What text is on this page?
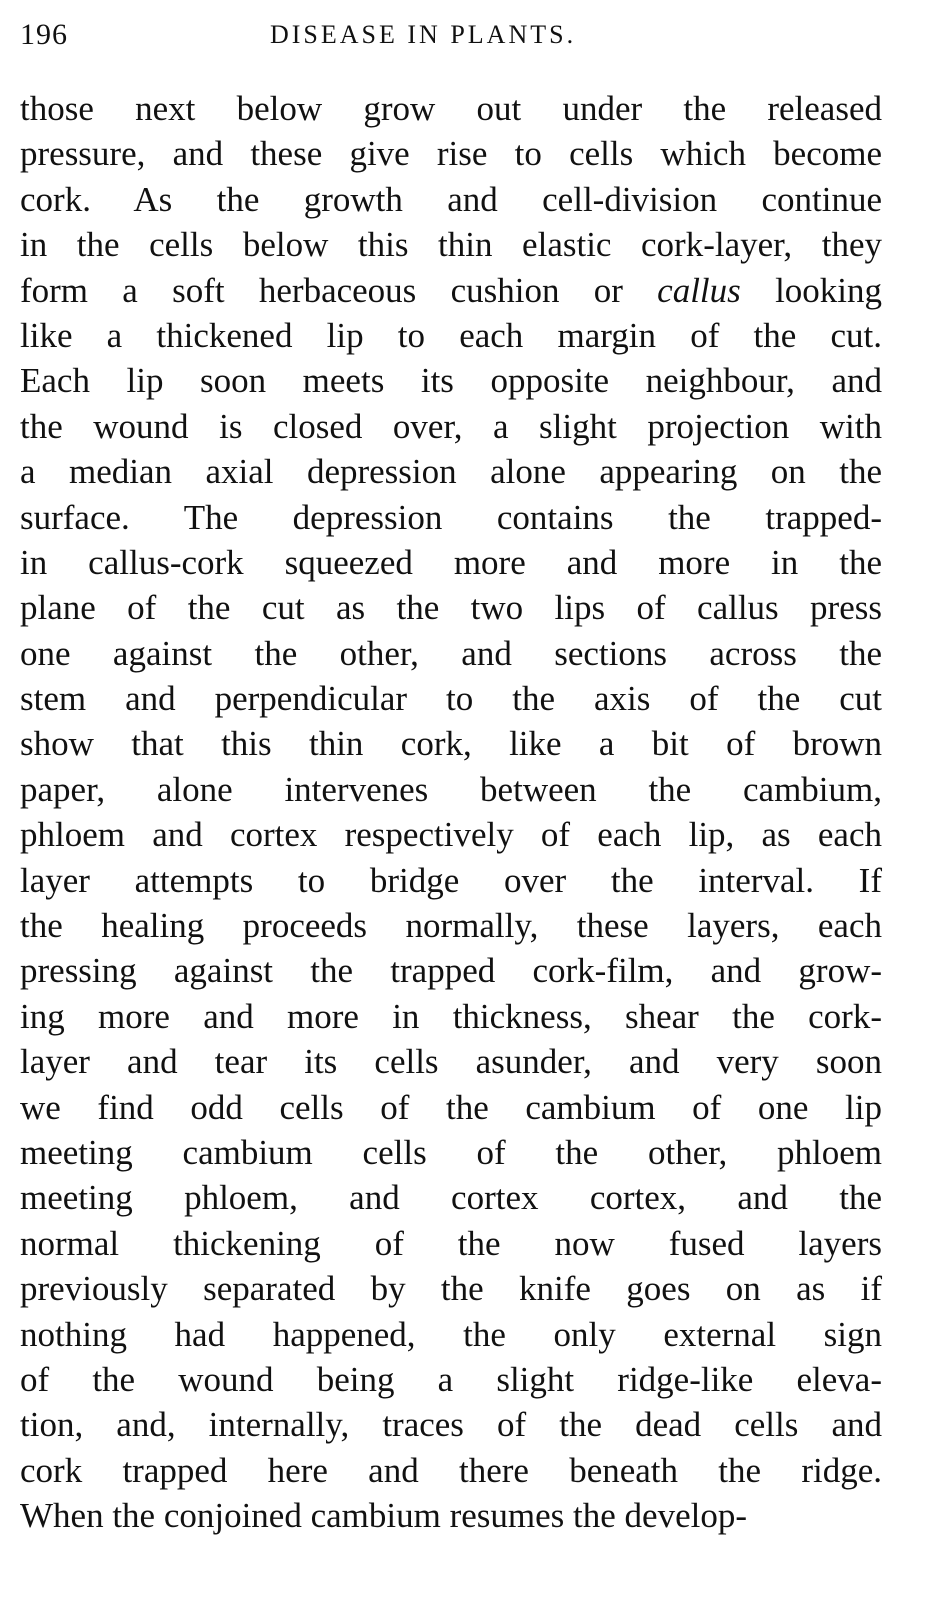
196	DISEASE IN PLANTS.
those next below grow out under the released
pressure, and these give rise to cells which become
cork. As the growth and cell-division continue
in the cells below this thin elastic cork-layer, they
form a soft herbaceous cushion or callus looking
like a thickened lip to each margin of the cut.
Each lip soon meets its opposite neighbour, and
the wound is closed over, a slight projection with
a median axial depression alone appearing on the
surface. The depression contains the trapped-
in callus-cork squeezed more and more in the
plane of the cut as the two lips of callus press
one against the other, and sections across the
stem and perpendicular to the axis of the cut
show that this thin cork, like a bit of brown
paper, alone intervenes between the cambium,
phloem and cortex respectively of each lip, as each
layer attempts to bridge over the interval. If
the healing proceeds normally, these layers, each
pressing against the trapped cork-film, and grow-
ing more and more in thickness, shear the cork-
layer and tear its cells asunder, and very soon
we find odd cells of the cambium of one lip
meeting cambium cells of the other, phloem
meeting phloem, and cortex cortex, and the
normal thickening of the now fused layers
previously separated by the knife goes on as if
nothing had happened, the only external sign
of the wound being a slight ridge-like eleva-
tion, and, internally, traces of the dead cells and
cork trapped here and there beneath the ridge.
When the conjoined cambium resumes the develop-
